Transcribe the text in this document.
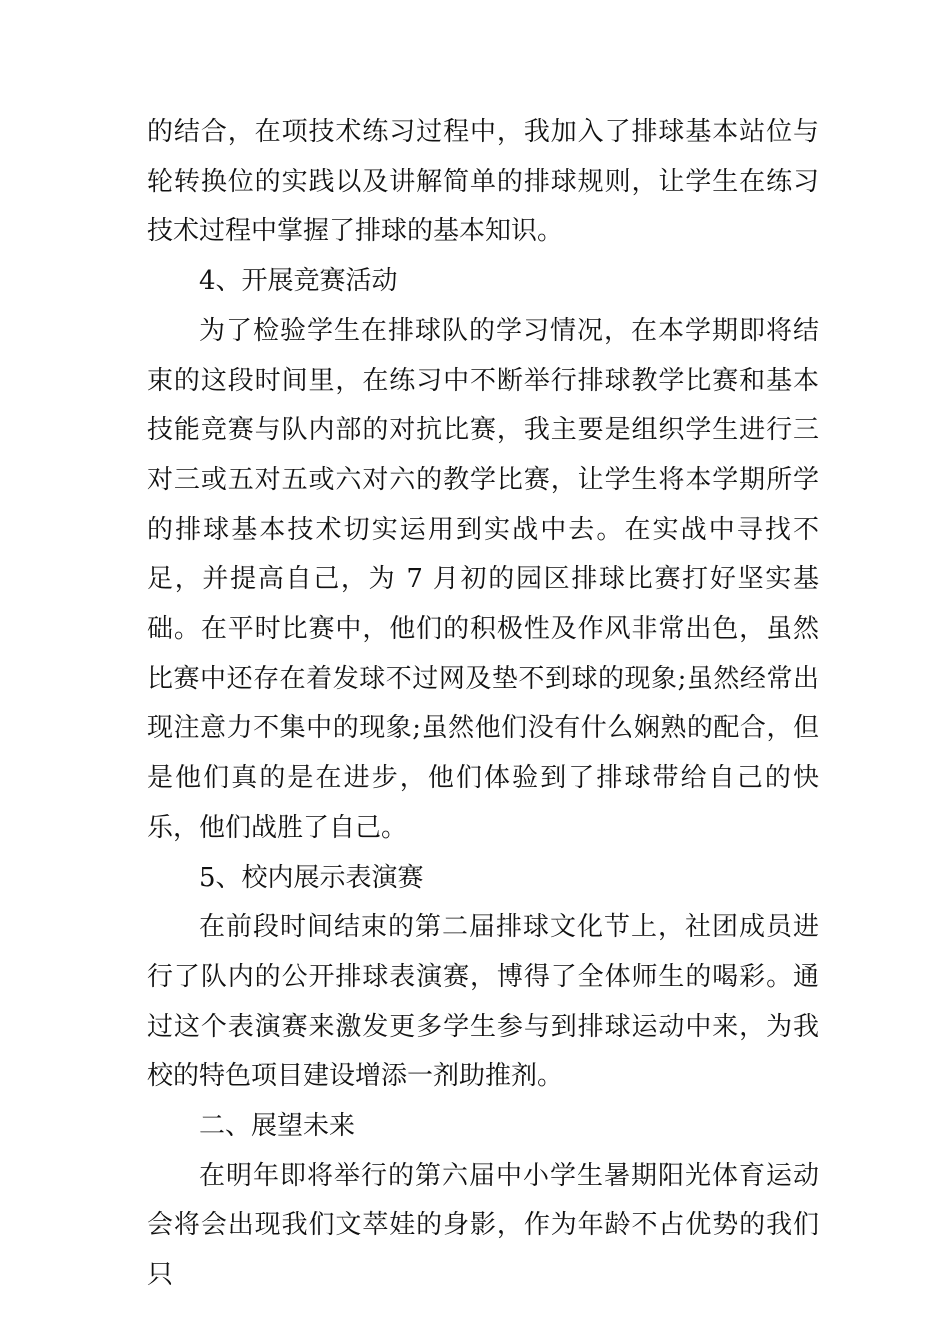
的结合，在项技术练习过程中，我加入了排球基本站位与轮转换位的实践以及讲解简单的排球规则，让学生在练习技术过程中掌握了排球的基本知识。

4、开展竞赛活动

为了检验学生在排球队的学习情况，在本学期即将结束的这段时间里，在练习中不断举行排球教学比赛和基本技能竞赛与队内部的对抗比赛，我主要是组织学生进行三对三或五对五或六对六的教学比赛，让学生将本学期所学的排球基本技术切实运用到实战中去。在实战中寻找不足，并提高自己，为 7 月初的园区排球比赛打好坚实基础。在平时比赛中，他们的积极性及作风非常出色，虽然比赛中还存在着发球不过网及垫不到球的现象;虽然经常出现注意力不集中的现象;虽然他们没有什么娴熟的配合，但是他们真的是在进步，他们体验到了排球带给自己的快乐，他们战胜了自己。

5、校内展示表演赛

在前段时间结束的第二届排球文化节上，社团成员进行了队内的公开排球表演赛，博得了全体师生的喝彩。通过这个表演赛来激发更多学生参与到排球运动中来，为我校的特色项目建设增添一剂助推剂。

二、展望未来

在明年即将举行的第六届中小学生暑期阳光体育运动会将会出现我们文萃娃的身影，作为年龄不占优势的我们只
